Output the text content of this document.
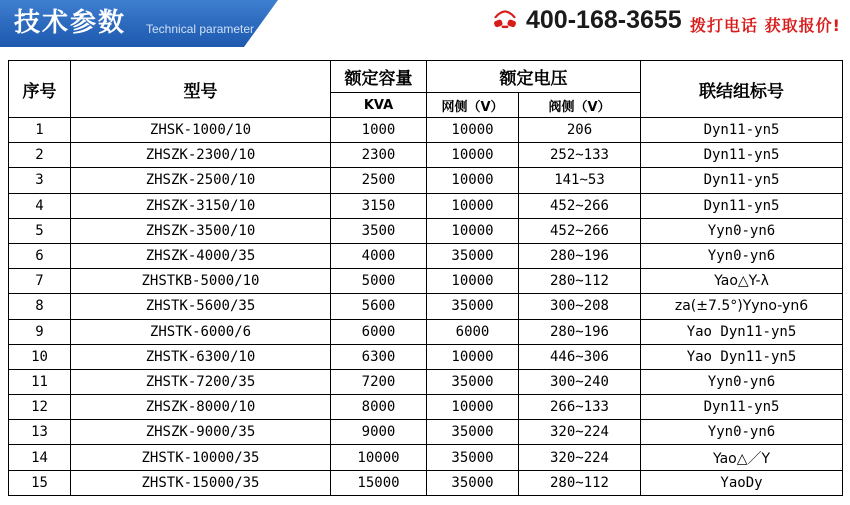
技术参数 Technical parameter	400-168-3655 拨打电话 获取报价!
序号	型号	额定容量	额定电压		联结组标号
		KVA	网侧（V）	阀侧（V）	
1	ZHSK-1000/10	1000	10000	206	Dyn11-yn5
2	ZHSZK-2300/10	2300	10000	252~133	Dyn11-yn5
3	ZHSZK-2500/10	2500	10000	141~53	Dyn11-yn5
4	ZHSZK-3150/10	3150	10000	452~266	Dyn11-yn5
5	ZHSZK-3500/10	3500	10000	452~266	Yyn0-yn6
6	ZHSZK-4000/35	4000	35000	280~196	Yyn0-yn6
7	ZHSTKB-5000/10	5000	10000	280~112	Yao△Y-λ
8	ZHSTK-5600/35	5600	35000	300~208	za(±7.5°)Yyno-yn6
9	ZHSTK-6000/6	6000	6000	280~196	Yao Dyn11-yn5
10	ZHSTK-6300/10	6300	10000	446~306	Yao Dyn11-yn5
11	ZHSTK-7200/35	7200	35000	300~240	Yyn0-yn6
12	ZHSZK-8000/10	8000	10000	266~133	Dyn11-yn5
13	ZHSZK-9000/35	9000	35000	320~224	Yyn0-yn6
14	ZHSTK-10000/35	10000	35000	320~224	Yao△／Y
15	ZHSTK-15000/35	15000	35000	280~112	YaoDy
